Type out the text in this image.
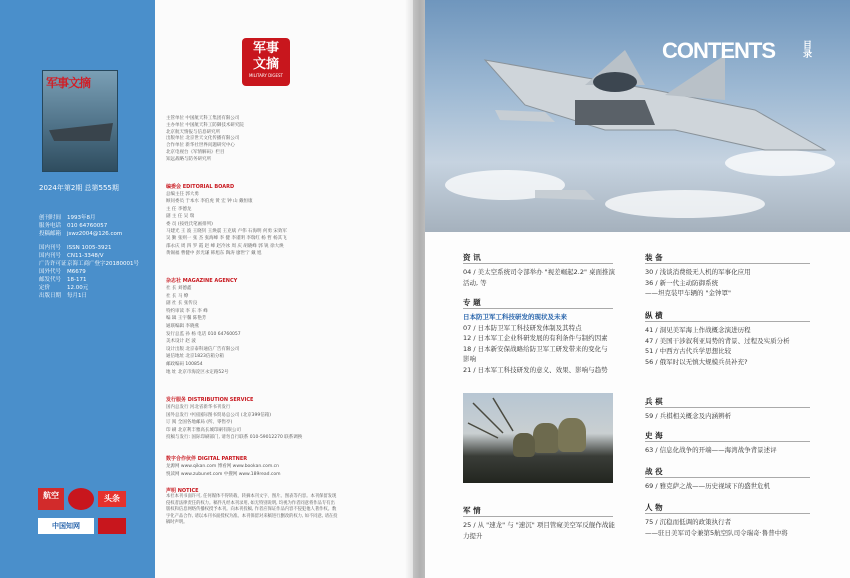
军事文摘
2024年第2期 总第555期
创刊时间 1993年8月
服务电话 010 64760057
投稿邮箱 jswz2004@126.com
国内刊号 ISSN 1005-3921
国内刊号 CN11-3348/V
广告许可证京海工商广登字20180001号
国外代号 M6679
邮发代号 18-171
定价	12.00元
出版日期 每月1日
航空	头条
中国知网
军事
文摘
MILITARY DIGEST
主管单位 中国航天科工集团有限公司
主办单位 中国航天科工防御技术研究院
北京航天情报与信息研究所
出版单位 北京世天文化传播有限公司
合作单位 新华社世界问题研究中心
北京电视台《军情解码》栏目
知远战略与防务研究所
编委会 EDITORIAL BOARD
总编主任 郭大勇
顾问委员 于本水 李伯虎 黄 宏 钟 山 戴恒康
主 任 李德龙
副 主 任 吴 瑞
委 员 (按姓氏笔画排列)
马建光 王 波 王晓钊 王焕震 王克斌 卢伟 石海明 何勇 宋效军
吴 勤 张则一 张 杰 张海峰 李 健 李谨明 李瑞红 杨 哲 杨其飞
邵永庆 周 四 罗 霞 赵 峰 赵冷冰 周 庆 胡晓峰 郭 锐 徐大焕
黄锡福 曹健中 彭光谦 韩旭东 陶涛 廖世宁 戴 旭
杂志社 MAGAZINE AGENCY
社 长 刘德鑫
社 长 马 燎
副 社 长 张传良
特约审读 李 东 李 峰
编 辑 王宇馨 陈艳芳
通联编辑 李晓燕
发行总监 孙 杨 电话 010 64760057
美术设计 赵 波
设计出版 北京泰科通信广告有限公司
通信地址 北京1823信箱分箱
邮政编码 100854
地 址 北京市海淀区永定路52号
发行服务 DISTRIBUTION SERVICE
国内总发行 河北省新华书刊发行
国外总发行 中国国际图书贸易总公司 (北京399信箱)
订 阅 全国各地邮局 (所、零售亭)
印 刷 北京利丰雅高长城印刷有限公司
投稿与发行: 国际印刷部门, 请勿自行联系 010-59012270 联系调换
数字合作伙伴 DIGITAL PARTNER
龙源网 www.qikan.com 博看网 www.bookan.com.cn
悦读网 www.zubunet.com 中搜网 www.189read.com
声明 NOTICE
本社本刊书面许可, 任何媒体不得转载、转摘本刊文字、图片。图表等内容。本刊保留发现侵权者法律责任的权力。稿件凡经本刊录用, 如无特别说明, 均视为作者同意将作品专有出版权和信息网络传播权授予本刊。向本刊投稿, 作者应保证作品内容不侵犯他人著作权。数字化产品合作, 请以本刊书面授权为准。本刊保留对来稿进行删改的权力, 如不同意, 请在投稿时声明。
CONTENTS	目录
资 讯
04 / 美太空系统司令部举办 "视差崛起2.2" 桌面推演
活动, 等
专 题
日本防卫军工科技研发的现状及未来
07 / 日本防卫军工科技研发体制及其特点
12 / 日本军工企业科研发展的有利条件与制约因素
18 / 日本新安保战略给防卫军工研发带来的变化与
影响
21 / 日本军工科技研发的意义、效果、影响与趋势
军 情
25 / 从 "速龙" 与 "速沉" 项目管窥美空军反舰作战能
力提升
装 备
30 / 浅谈消费级无人机的军事化应用
36 / 新一代主动防御系统
——坦克装甲车辆的 "金钟罩"
纵 横
41 / 洞见美军海上作战概念演进历程
47 / 美国干涉叙利亚局势的背景、过程及实质分析
51 / 中西方古代兵学思想比较
56 / 俄军时以无慎大规模兵员补充?
兵 棋
59 / 兵棋相关概念及内涵辨析
史 海
63 / 信息化战争的开端——海湾战争背景述评
战 役
69 / 雅克萨之战——历史视域下的盛世危机
人 物
75 / 沉稳而低调的政策执行者
——驻日美军司令兼第5航空队司令瑞奇·鲁普中将
